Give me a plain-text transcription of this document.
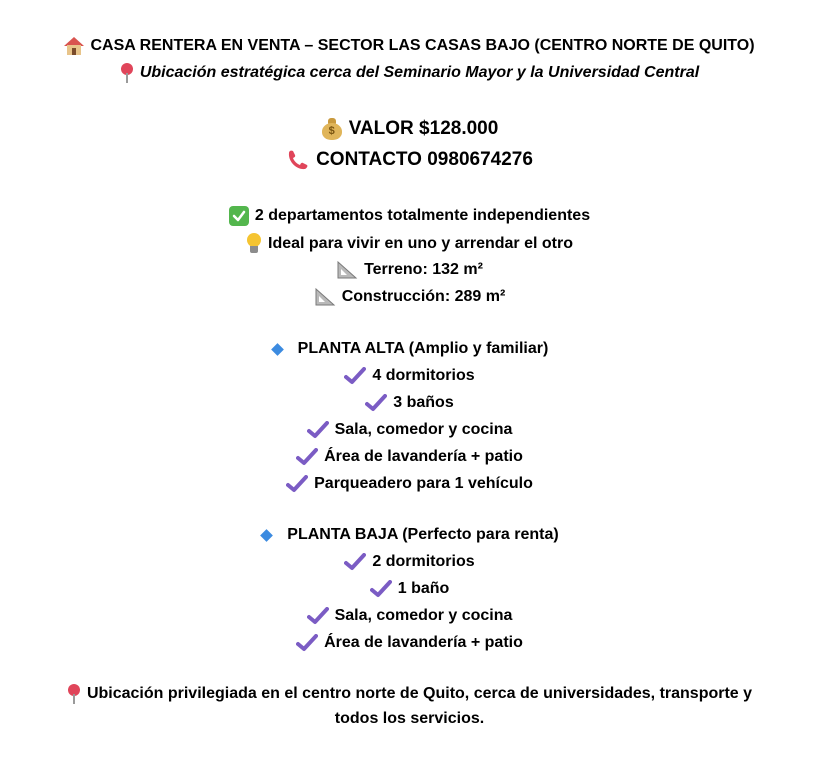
CASA RENTERA EN VENTA – SECTOR LAS CASAS BAJO (CENTRO NORTE DE QUITO)
Ubicación estratégica cerca del Seminario Mayor y la Universidad Central
$ VALOR $128.000
CONTACTO 0980674276
2 departamentos totalmente independientes
Ideal para vivir en uno y arrendar el otro
Terreno: 132 m²
Construcción: 289 m²
PLANTA ALTA (Amplio y familiar)
4 dormitorios
3 baños
Sala, comedor y cocina
Área de lavandería + patio
Parqueadero para 1 vehículo
PLANTA BAJA (Perfecto para renta)
2 dormitorios
1 baño
Sala, comedor y cocina
Área de lavandería + patio
Ubicación privilegiada en el centro norte de Quito, cerca de universidades, transporte y
todos los servicios.
